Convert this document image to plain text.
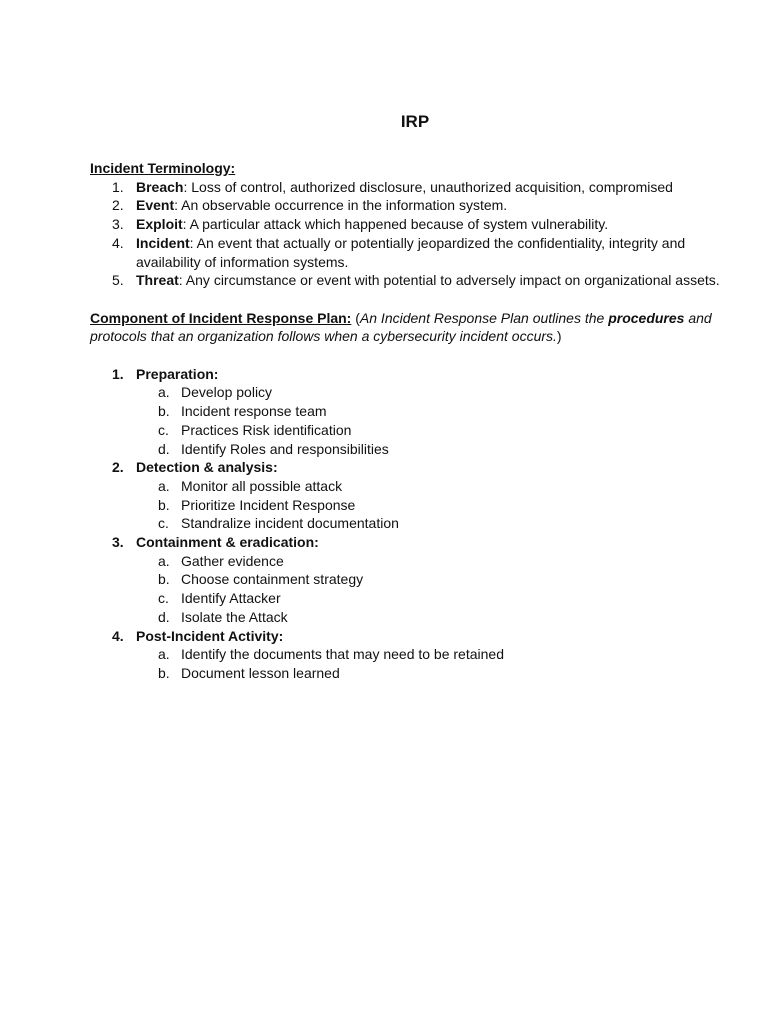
IRP
Incident Terminology:
1. Breach: Loss of control, authorized disclosure, unauthorized acquisition, compromised
2. Event: An observable occurrence in the information system.
3. Exploit: A particular attack which happened because of system vulnerability.
4. Incident: An event that actually or potentially jeopardized the confidentiality, integrity and availability of information systems.
5. Threat: Any circumstance or event with potential to adversely impact on organizational assets.
Component of Incident Response Plan: (An Incident Response Plan outlines the procedures and protocols that an organization follows when a cybersecurity incident occurs.)
1. Preparation:
a. Develop policy
b. Incident response team
c. Practices Risk identification
d. Identify Roles and responsibilities
2. Detection & analysis:
a. Monitor all possible attack
b. Prioritize Incident Response
c. Standralize incident documentation
3. Containment & eradication:
a. Gather evidence
b. Choose containment strategy
c. Identify Attacker
d. Isolate the Attack
4. Post-Incident Activity:
a. Identify the documents that may need to be retained
b. Document lesson learned
